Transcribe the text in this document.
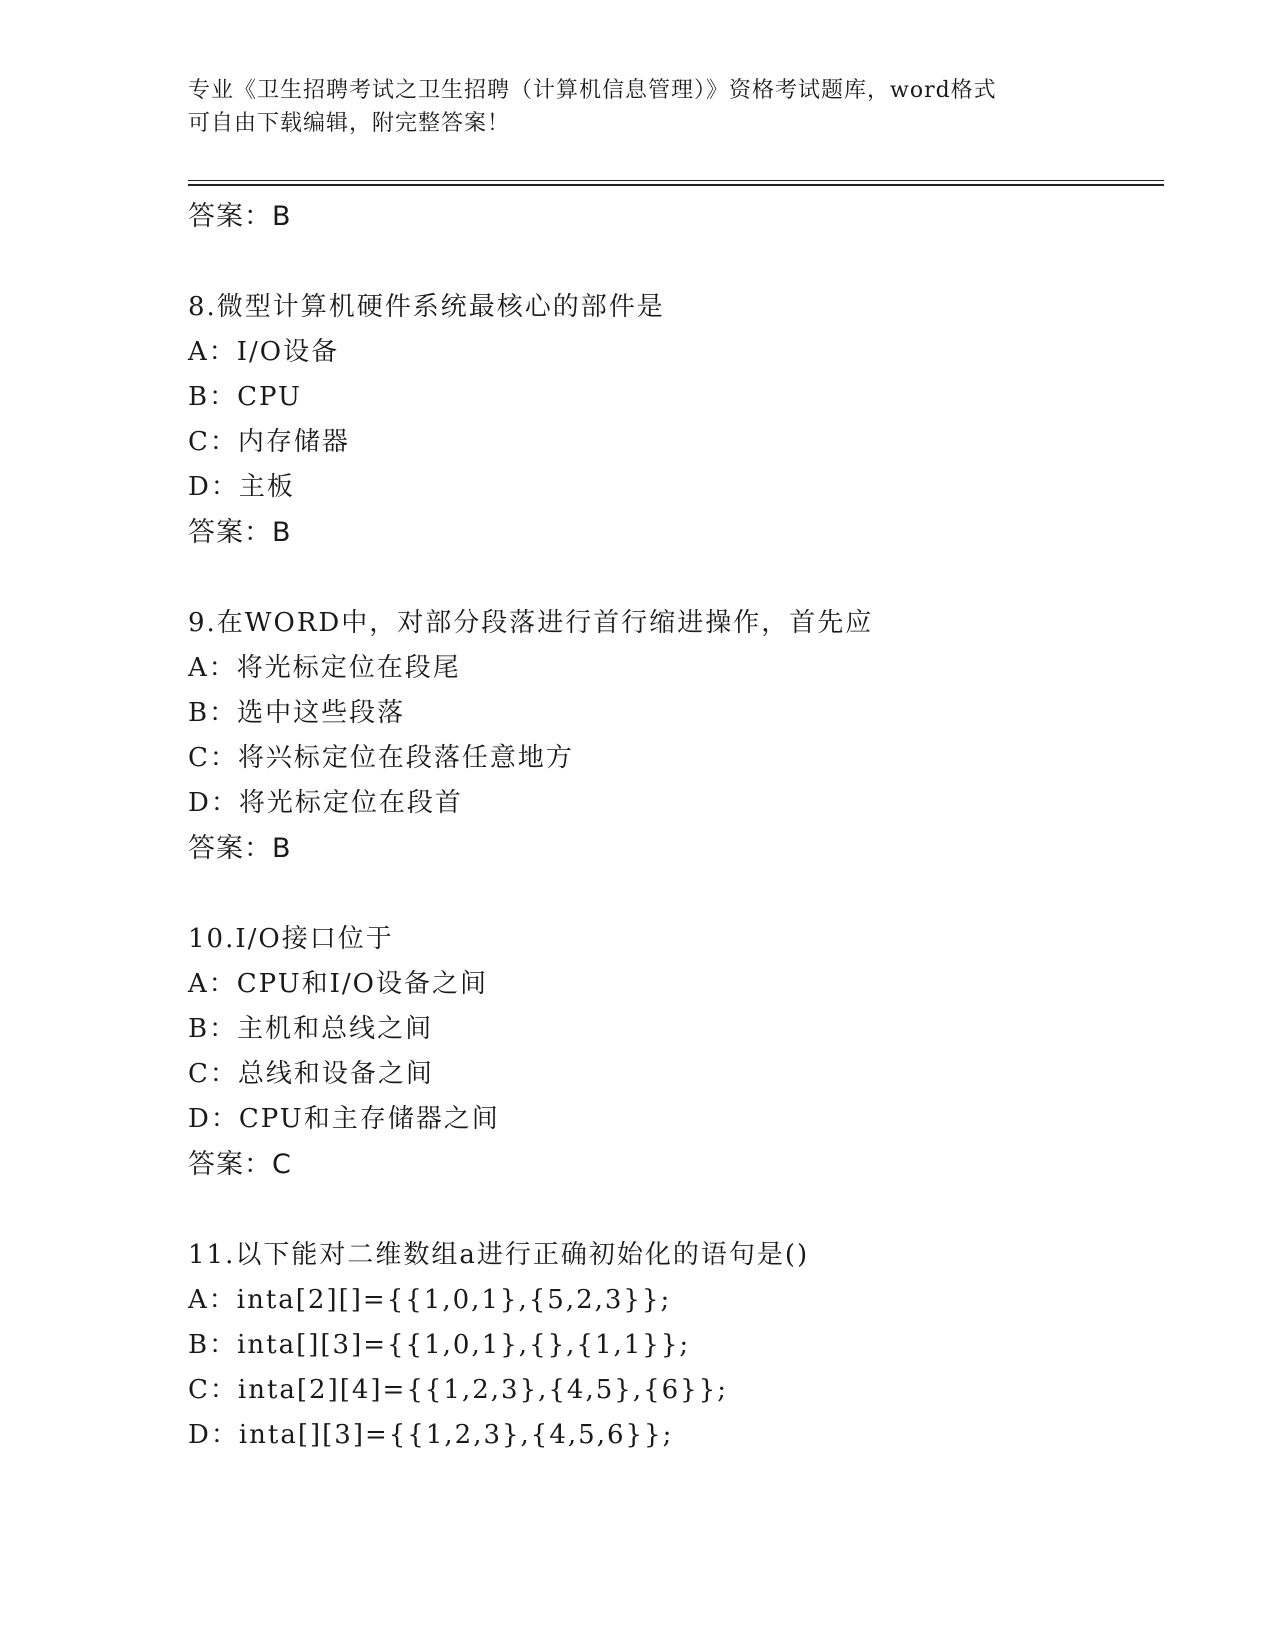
专业《卫生招聘考试之卫生招聘（计算机信息管理）》资格考试题库，word格式
可自由下载编辑，附完整答案！
答案：B
8.微型计算机硬件系统最核心的部件是
A：I/O设备
B：CPU
C：内存储器
D：主板
答案：B
9.在WORD中，对部分段落进行首行缩进操作，首先应
A：将光标定位在段尾
B：选中这些段落
C：将兴标定位在段落任意地方
D：将光标定位在段首
答案：B
10.I/O接口位于
A：CPU和I/O设备之间
B：主机和总线之间
C：总线和设备之间
D：CPU和主存储器之间
答案：C
11.以下能对二维数组a进行正确初始化的语句是()
A：inta[2][]={{1,0,1},{5,2,3}};
B：inta[][3]={{1,0,1},{},{1,1}};
C：inta[2][4]={{1,2,3},{4,5},{6}};
D：inta[][3]={{1,2,3},{4,5,6}};
